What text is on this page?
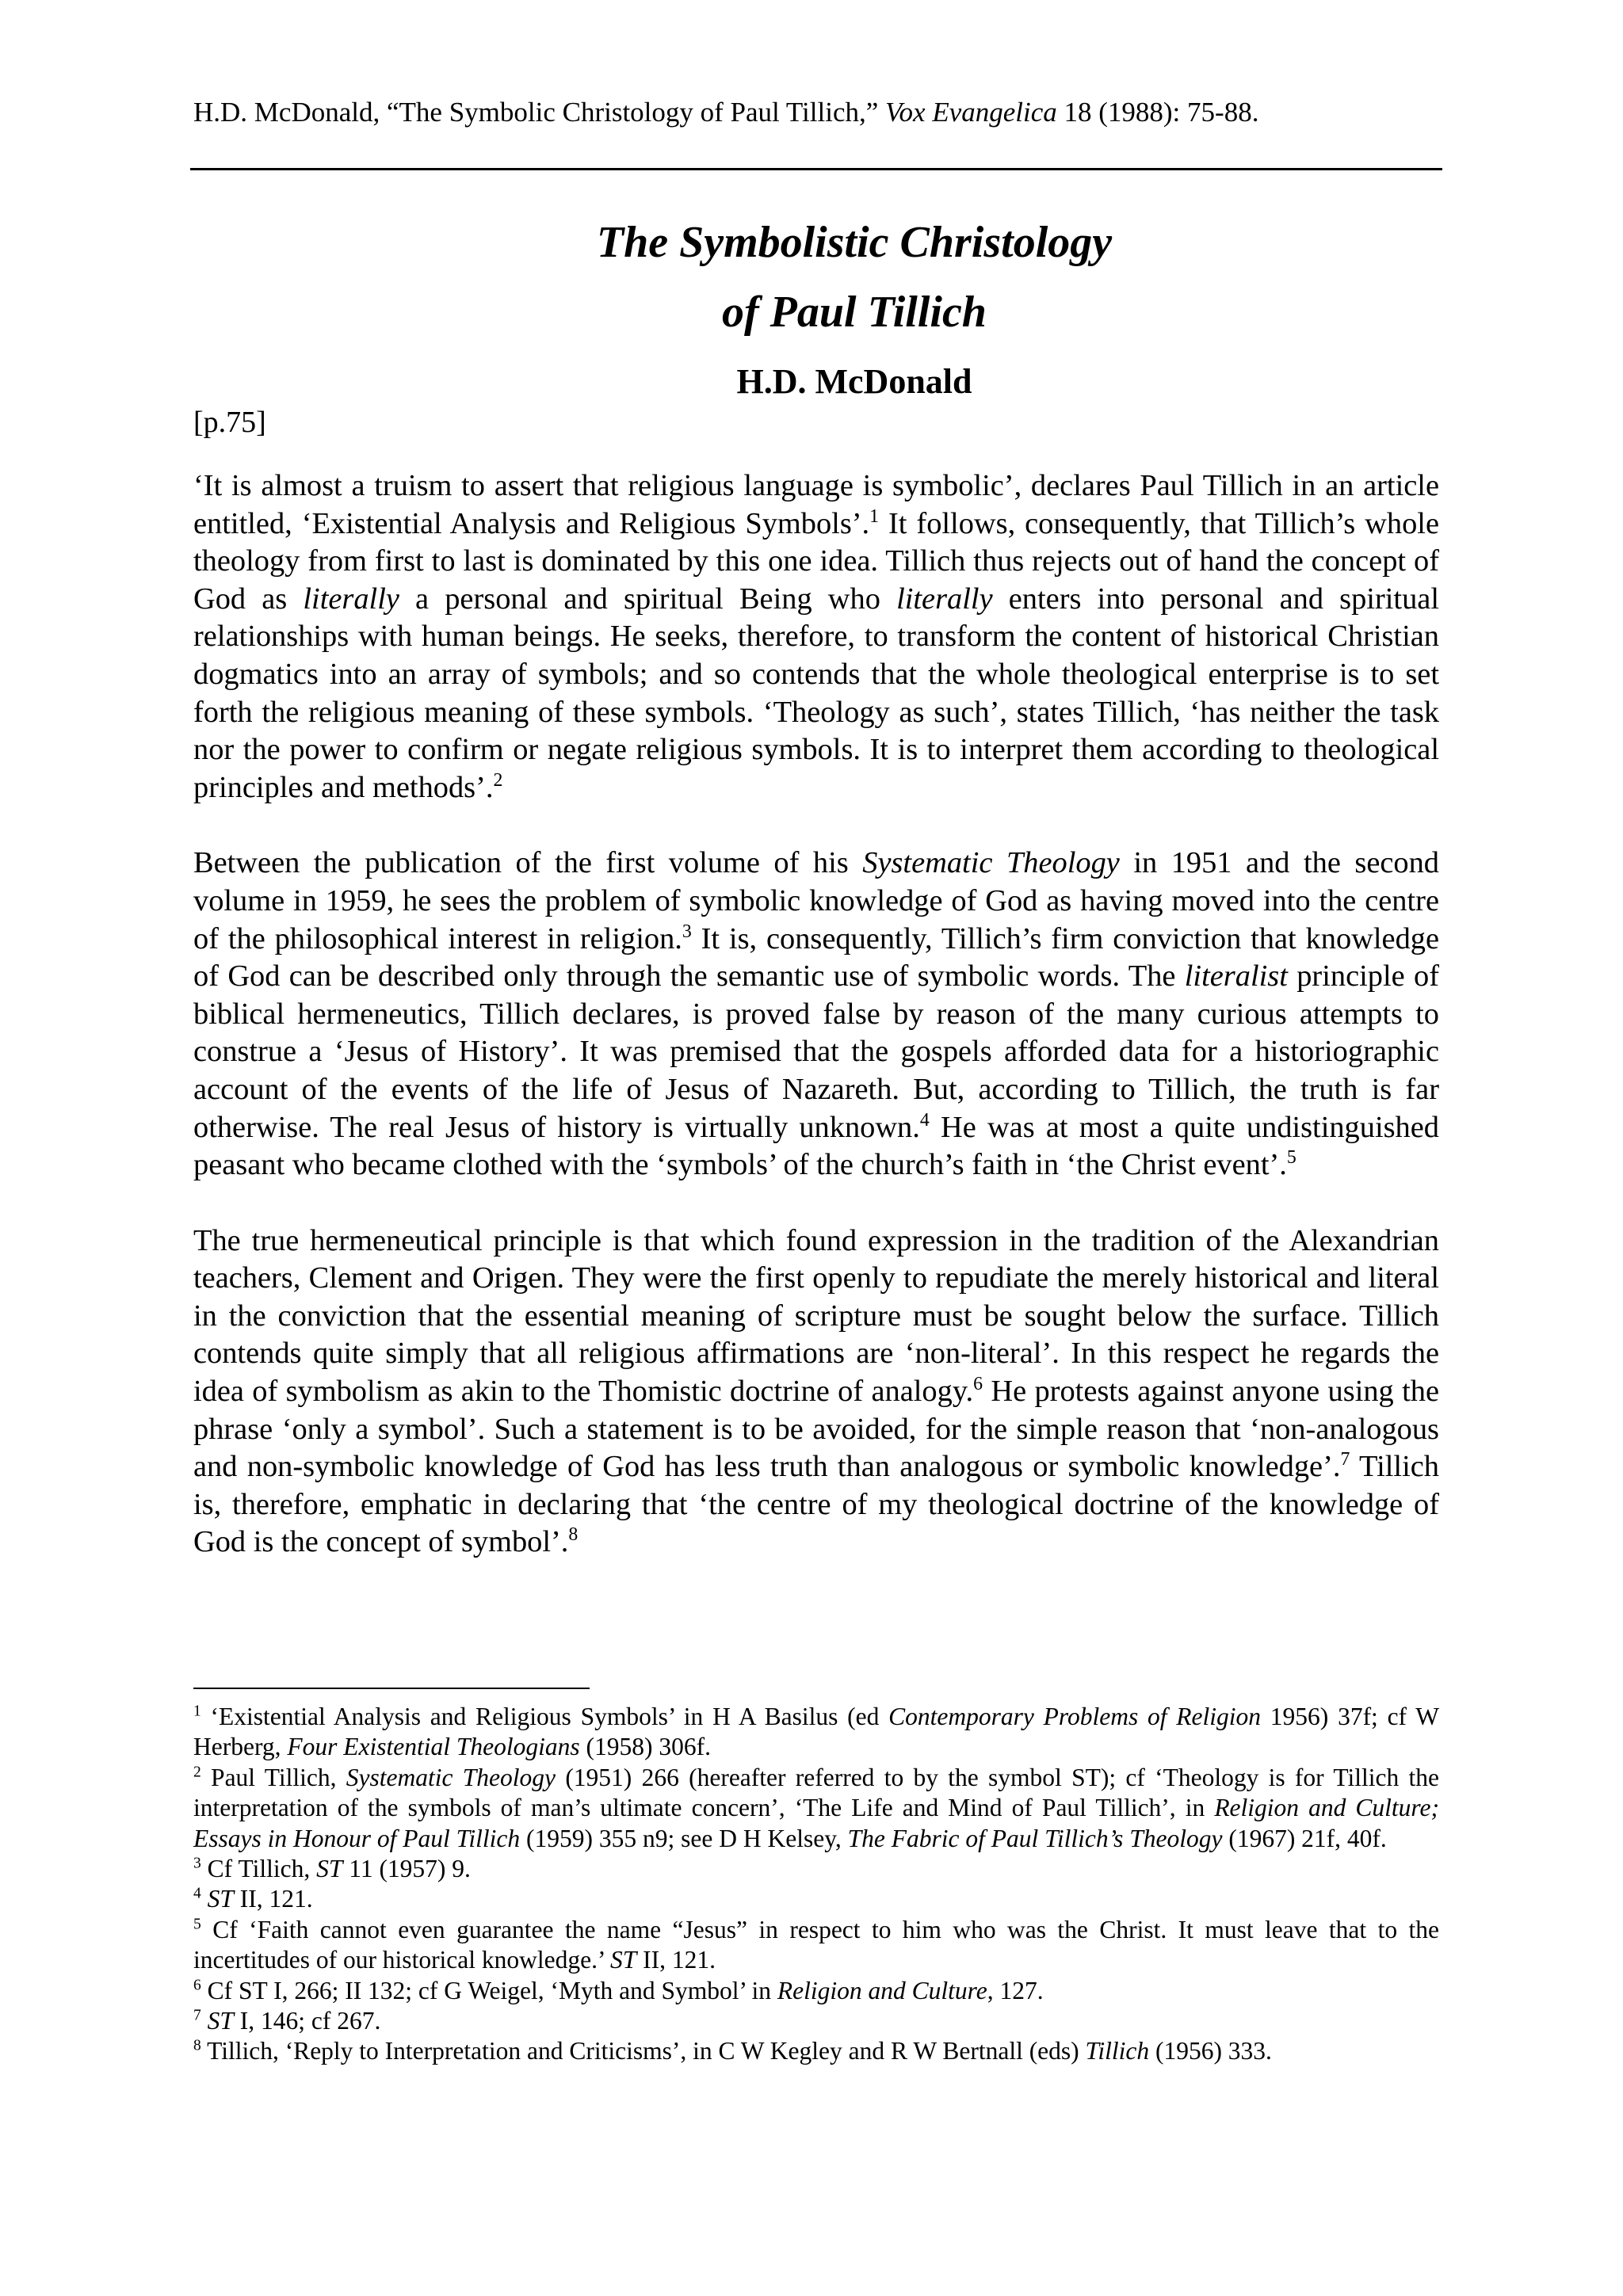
H.D. McDonald, “The Symbolic Christology of Paul Tillich,” Vox Evangelica 18 (1988): 75-88.
The Symbolistic Christology
of Paul Tillich
H.D. McDonald
[p.75]

‘It is almost a truism to assert that religious language is symbolic’, declares Paul Tillich in an article entitled, ‘Existential Analysis and Religious Symbols’.$^1$ It follows, consequently, that Tillich’s whole theology from first to last is dominated by this one idea. Tillich thus rejects out of hand the concept of God as literally a personal and spiritual Being who literally enters into personal and spiritual relationships with human beings. He seeks, therefore, to transform the content of historical Christian dogmatics into an array of symbols; and so contends that the whole theological enterprise is to set forth the religious meaning of these symbols. ‘Theology as such’, states Tillich, ‘has neither the task nor the power to confirm or negate religious symbols. It is to interpret them according to theological principles and methods’.$^2$

Between the publication of the first volume of his Systematic Theology in 1951 and the second volume in 1959, he sees the problem of symbolic knowledge of God as having moved into the centre of the philosophical interest in religion.$^3$ It is, consequently, Tillich’s firm conviction that knowledge of God can be described only through the semantic use of symbolic words. The literalist principle of biblical hermeneutics, Tillich declares, is proved false by reason of the many curious attempts to construe a ‘Jesus of History’. It was premised that the gospels afforded data for a historiographic account of the events of the life of Jesus of Nazareth. But, according to Tillich, the truth is far otherwise. The real Jesus of history is virtually unknown.$^4$ He was at most a quite undistinguished peasant who became clothed with the ‘symbols’ of the church’s faith in ‘the Christ event’.$^5$

The true hermeneutical principle is that which found expression in the tradition of the Alexandrian teachers, Clement and Origen. They were the first openly to repudiate the merely historical and literal in the conviction that the essential meaning of scripture must be sought below the surface. Tillich contends quite simply that all religious affirmations are ‘non-literal’. In this respect he regards the idea of symbolism as akin to the Thomistic doctrine of analogy.$^6$ He protests against anyone using the phrase ‘only a symbol’. Such a statement is to be avoided, for the simple reason that ‘non-analogous and non-symbolic knowledge of God has less truth than analogous or symbolic knowledge’.$^7$ Tillich is, therefore, emphatic in declaring that ‘the centre of my theological doctrine of the knowledge of God is the concept of symbol’.$^8$

$^1$ ‘Existential Analysis and Religious Symbols’ in H A Basilus (ed Contemporary Problems of Religion 1956) 37f; cf W Herberg, Four Existential Theologians (1958) 306f.
$^2$ Paul Tillich, Systematic Theology (1951) 266 (hereafter referred to by the symbol ST); cf ‘Theology is for Tillich the interpretation of the symbols of man’s ultimate concern’, ‘The Life and Mind of Paul Tillich’, in Religion and Culture; Essays in Honour of Paul Tillich (1959) 355 n9; see D H Kelsey, The Fabric of Paul Tillich’s Theology (1967) 21f, 40f.
$^3$ Cf Tillich, ST 11 (1957) 9.
$^4$ ST II, 121.
$^5$ Cf ‘Faith cannot even guarantee the name “Jesus” in respect to him who was the Christ. It must leave that to the incertitudes of our historical knowledge.’ ST II, 121.
$^6$ Cf ST I, 266; II 132; cf G Weigel, ‘Myth and Symbol’ in Religion and Culture, 127.
$^7$ ST I, 146; cf 267.
$^8$ Tillich, ‘Reply to Interpretation and Criticisms’, in C W Kegley and R W Bertnall (eds) Tillich (1956) 333.
